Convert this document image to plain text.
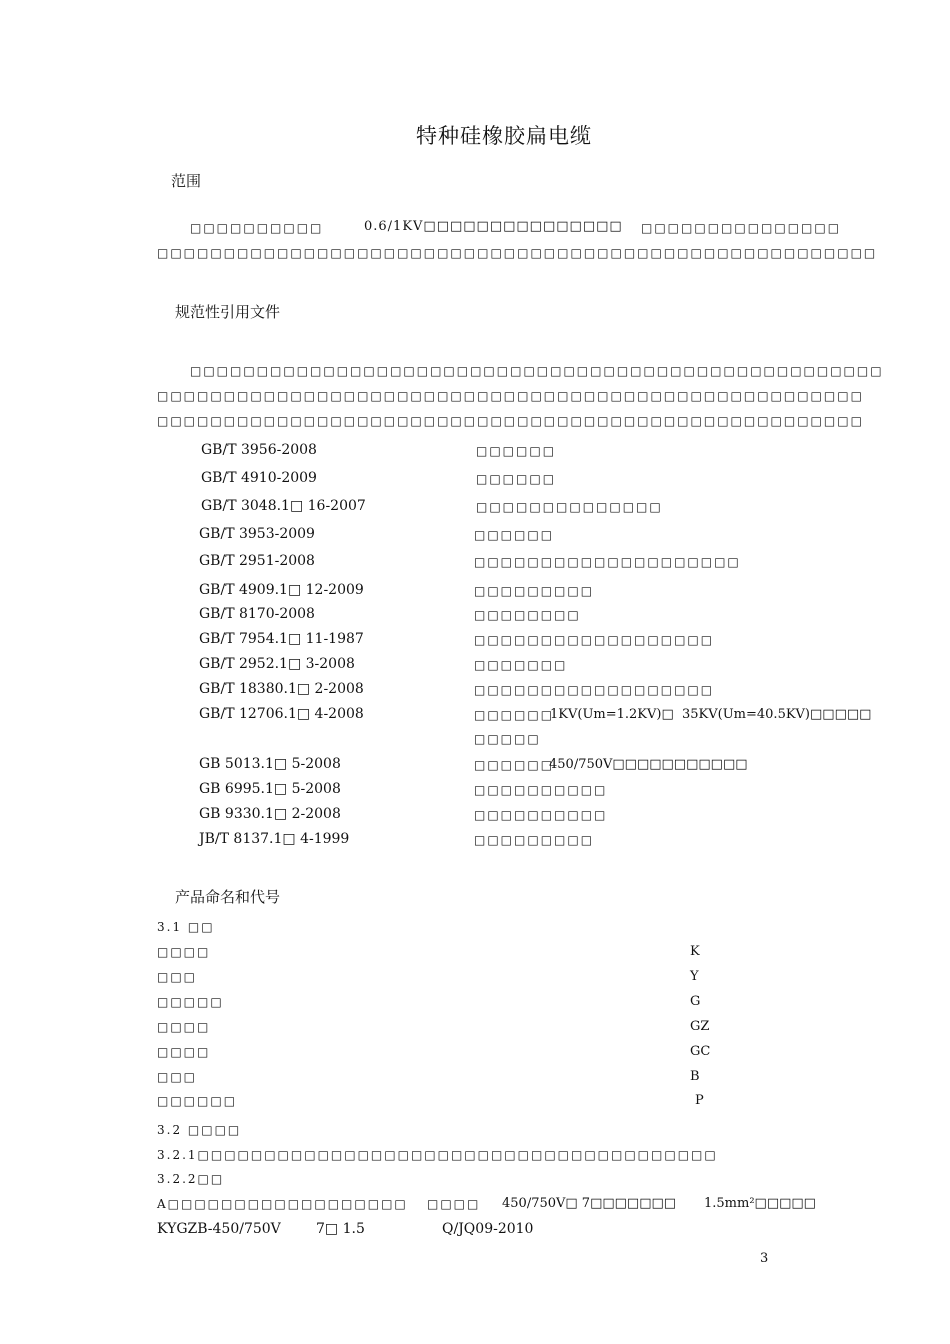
特种硅橡胶扁电缆
范围
□□□□□□□□□□	0.6/1KV□□□□□□□□□□□□□□□ □□□□□□□□□□□□□□□
□□□□□□□□□□□□□□□□□□□□□□□□□□□□□□□□□□□□□□□□□□□□□□□□□□□□□□
规范性引用文件
□□□□□□□□□□□□□□□□□□□□□□□□□□□□□□□□□□□□□□□□□□□□□□□□□□□□
□□□□□□□□□□□□□□□□□□□□□□□□□□□□□□□□□□□□□□□□□□□□□□□□□□□□□
□□□□□□□□□□□□□□□□□□□□□□□□□□□□□□□□□□□□□□□□□□□□□□□□□□□□□
GB/T 3956-2008	□□□□□□
GB/T 4910-2009	□□□□□□
GB/T 3048.1□ 16-2007	□□□□□□□□□□□□□□
GB/T 3953-2009	□□□□□□
GB/T 2951-2008	□□□□□□□□□□□□□□□□□□□□
GB/T 4909.1□ 12-2009	□□□□□□□□□
GB/T 8170-2008	□□□□□□□□
GB/T 7954.1□ 11-1987	□□□□□□□□□□□□□□□□□□
GB/T 2952.1□ 3-2008	□□□□□□□
GB/T 18380.1□ 2-2008	□□□□□□□□□□□□□□□□□□
GB/T 12706.1□ 4-2008	□□□□□□
1KV(Um=1.2KV)□ 35KV(Um=40.5KV)□□□□□
□□□□□
GB 5013.1□ 5-2008	□□□□□□
450/750V□□□□□□□□□□□
GB 6995.1□ 5-2008	□□□□□□□□□□
GB 9330.1□ 2-2008	□□□□□□□□□□
JB/T 8137.1□ 4-1999	□□□□□□□□□
产品命名和代号
3.1 □□
□□□□	K
□□□	Y
□□□□□	G
□□□□	GZ
□□□□	GC
□□□	B
□□□□□□	P
3.2 □□□□
3.2.1□□□□□□□□□□□□□□□□□□□□□□□□□□□□□□□□□□□□□□□
3.2.2□□
A□□□□□□□□□□□□□□□□□□ □□□□ 450/750V□ 7□□□□□□□ 1.5mm²□□□□□
KYGZB-450/750V	7□ 1.5	Q/JQ09-2010
3
